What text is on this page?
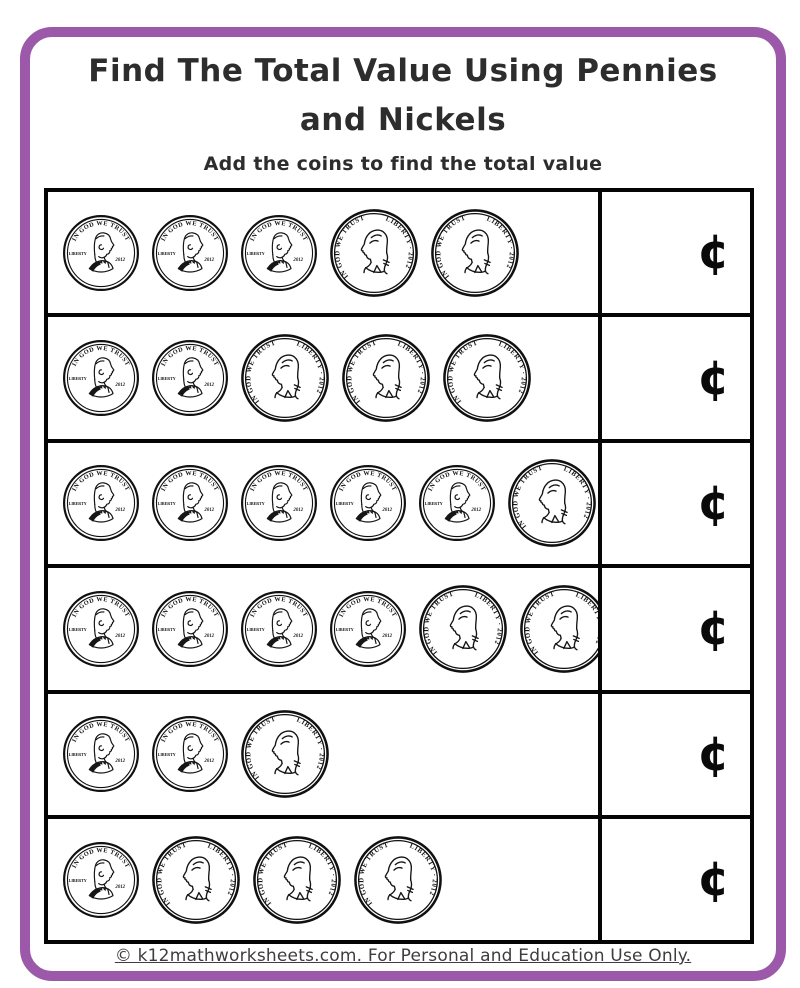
Find The Total Value Using Pennies and Nickels

Add the coins to find the total value

¢
¢
¢
¢
¢
¢
© k12mathworksheets.com. For Personal and Education Use Only.
